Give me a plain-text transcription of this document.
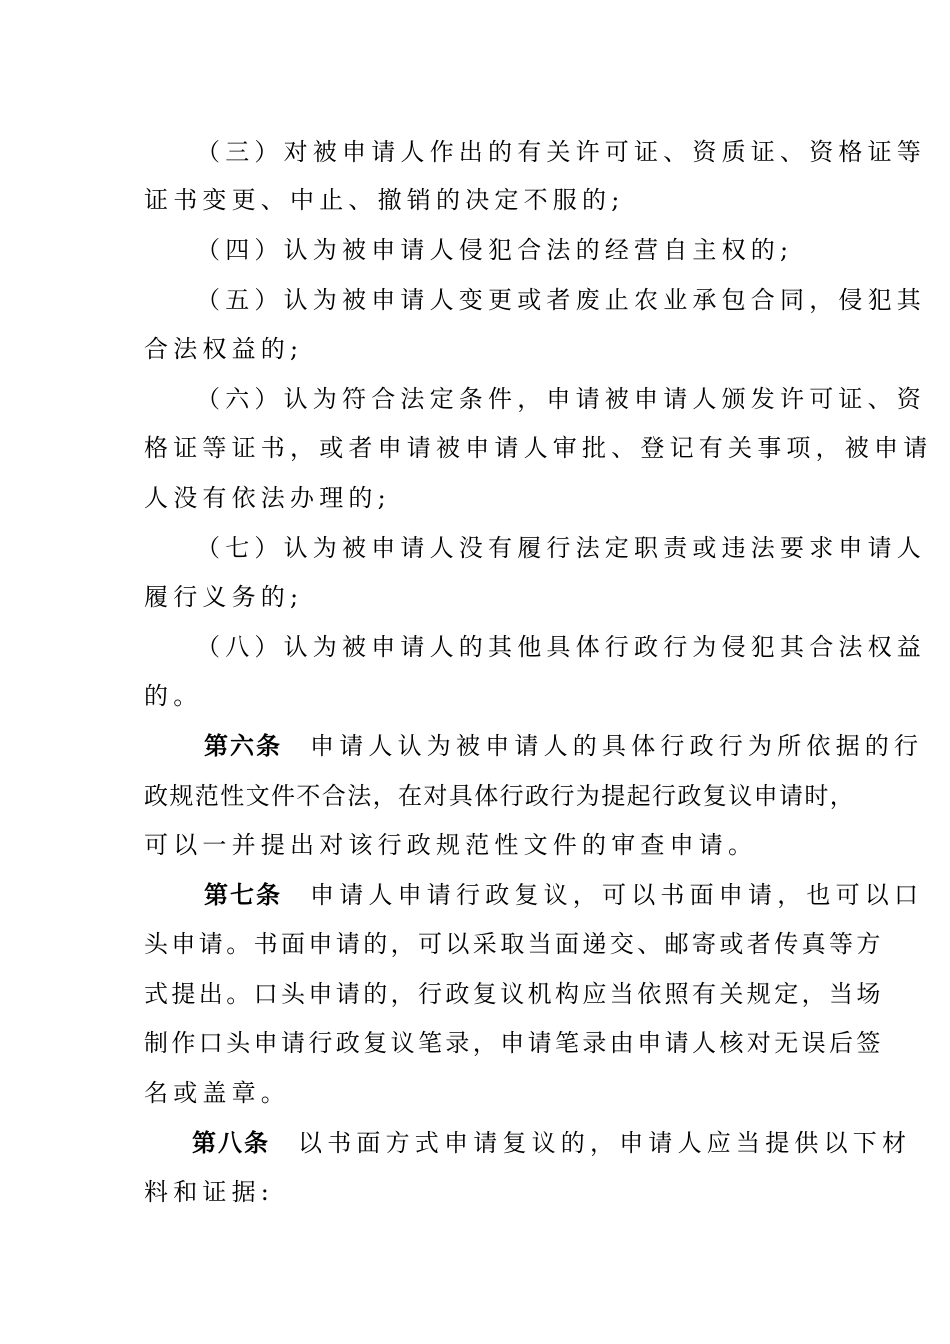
（三）对被申请人作出的有关许可证、资质证、资格证等
证书变更、中止、撤销的决定不服的;
（四）认为被申请人侵犯合法的经营自主权的;
（五）认为被申请人变更或者废止农业承包合同，侵犯其
合法权益的;
（六）认为符合法定条件，申请被申请人颁发许可证、资
格证等证书，或者申请被申请人审批、登记有关事项，被申请
人没有依法办理的;
（七）认为被申请人没有履行法定职责或违法要求申请人
履行义务的;
（八）认为被申请人的其他具体行政行为侵犯其合法权益
的。
第六条 申请人认为被申请人的具体行政行为所依据的行
政规范性文件不合法，在对具体行政行为提起行政复议申请时，
可以一并提出对该行政规范性文件的审查申请。
第七条 申请人申请行政复议，可以书面申请，也可以口
头申请。书面申请的，可以采取当面递交、邮寄或者传真等方
式提出。口头申请的，行政复议机构应当依照有关规定，当场
制作口头申请行政复议笔录，申请笔录由申请人核对无误后签
名或盖章。
第八条 以书面方式申请复议的，申请人应当提供以下材
料和证据:
